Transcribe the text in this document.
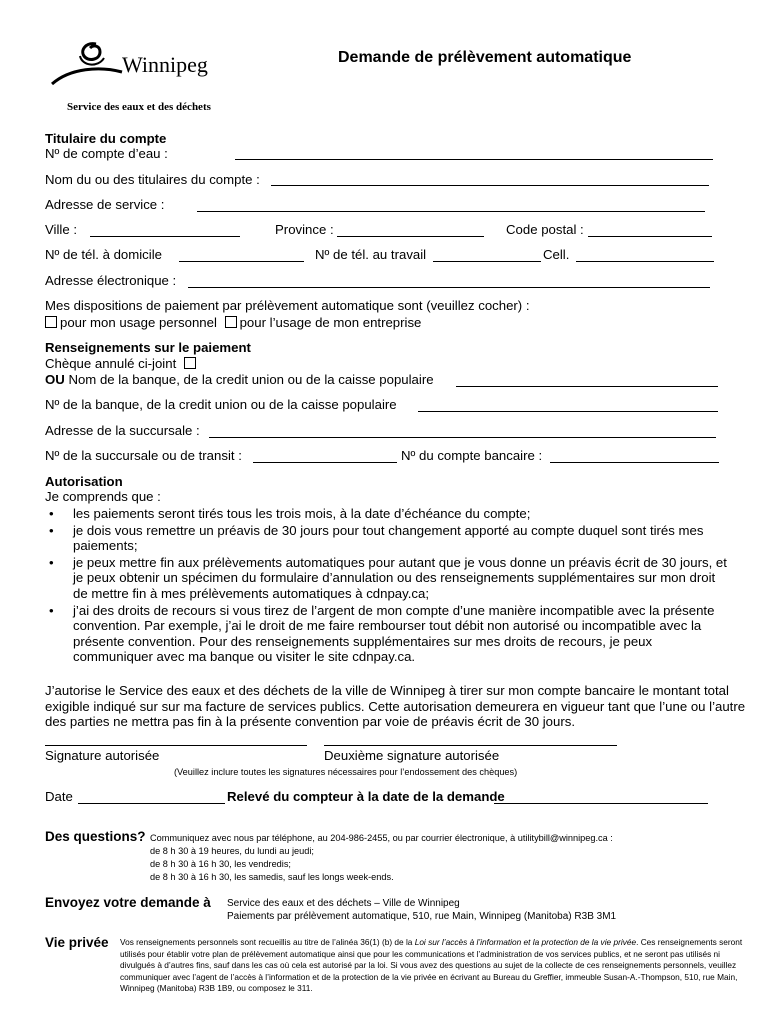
Winnipeg
Service des eaux et des déchets
Demande de prélèvement automatique
Titulaire du compte
Nº de compte d’eau :
Nom du ou des titulaires du compte :
Adresse de service :
Ville :	Province :	Code postal :
Nº de tél. à domicile	Nº de tél. au travail	Cell.
Adresse électronique :
Mes dispositions de paiement par prélèvement automatique sont (veuillez cocher) :
pour mon usage personnel pour l’usage de mon entreprise
Renseignements sur le paiement
Chèque annulé ci-joint
OU Nom de la banque, de la credit union ou de la caisse populaire
Nº de la banque, de la credit union ou de la caisse populaire
Adresse de la succursale :
Nº de la succursale ou de transit :	Nº du compte bancaire :
Autorisation
Je comprends que :
• les paiements seront tirés tous les trois mois, à la date d’échéance du compte;
• je dois vous remettre un préavis de 30 jours pour tout changement apporté au compte duquel sont tirés mes paiements;
• je peux mettre fin aux prélèvements automatiques pour autant que je vous donne un préavis écrit de 30 jours, et je peux obtenir un spécimen du formulaire d’annulation ou des renseignements supplémentaires sur mon droit de mettre fin à mes prélèvements automatiques à cdnpay.ca;
• j’ai des droits de recours si vous tirez de l’argent de mon compte d’une manière incompatible avec la présente convention. Par exemple, j’ai le droit de me faire rembourser tout débit non autorisé ou incompatible avec la présente convention. Pour des renseignements supplémentaires sur mes droits de recours, je peux communiquer avec ma banque ou visiter le site cdnpay.ca.
J’autorise le Service des eaux et des déchets de la ville de Winnipeg à tirer sur mon compte bancaire le montant total exigible indiqué sur sur ma facture de services publics. Cette autorisation demeurera en vigueur tant que l’une ou l’autre des parties ne mettra pas fin à la présente convention par voie de préavis écrit de 30 jours.
Signature autorisée	Deuxième signature autorisée
(Veuillez inclure toutes les signatures nécessaires pour l’endossement des chèques)
Date	Relevé du compteur à la date de la demande
Des questions? Communiquez avec nous par téléphone, au 204-986-2455, ou par courrier électronique, à utilitybill@winnipeg.ca :
de 8 h 30 à 19 heures, du lundi au jeudi;
de 8 h 30 à 16 h 30, les vendredis;
de 8 h 30 à 16 h 30, les samedis, sauf les longs week-ends.
Envoyez votre demande à Service des eaux et des déchets – Ville de Winnipeg
Paiements par prélèvement automatique, 510, rue Main, Winnipeg (Manitoba) R3B 3M1
Vie privée Vos renseignements personnels sont recueillis au titre de l’alinéa 36(1) (b) de la Loi sur l’accès à l’information et la protection de la vie privée. Ces renseignements seront utilisés pour établir votre plan de prélèvement automatique ainsi que pour les communications et l’administration de vos services publics, et ne seront pas utilisés ni divulgués à d’autres fins, sauf dans les cas où cela est autorisé par la loi. Si vous avez des questions au sujet de la collecte de ces renseignements personnels, veuillez communiquer avec l’agent de l’accès à l’information et de la protection de la vie privée en écrivant au Bureau du Greffier, immeuble Susan-A.-Thompson, 510, rue Main, Winnipeg (Manitoba) R3B 1B9, ou composez le 311.
